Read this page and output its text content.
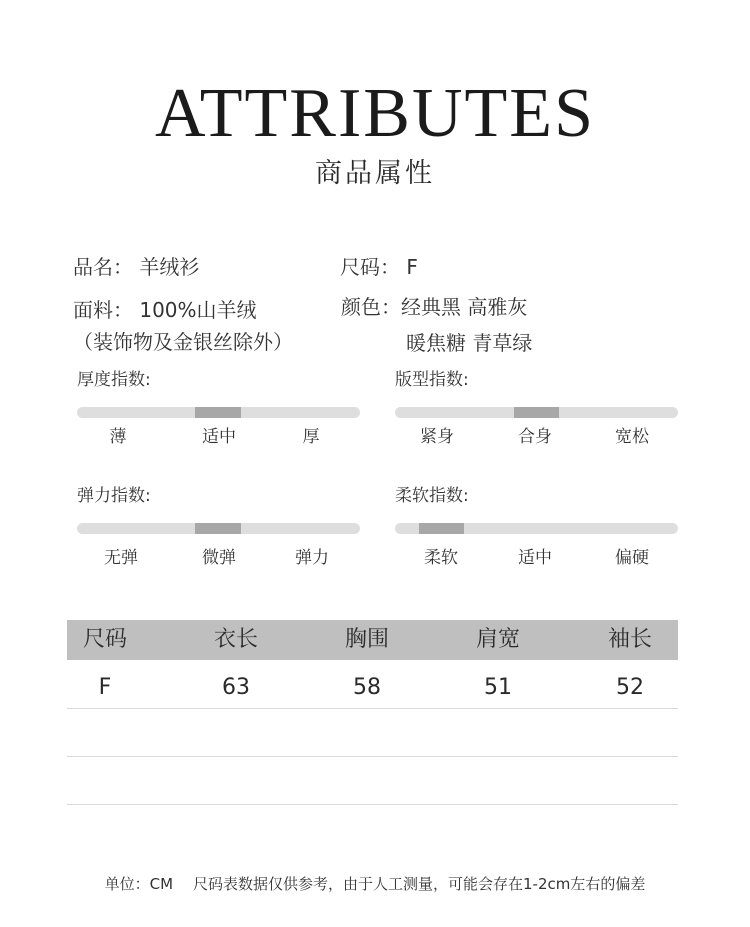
ATTRIBUTES
商品属性
品名： 羊绒衫	尺码： F
面料： 100%山羊绒	颜色：经典黑 高雅灰
（装饰物及金银丝除外）	暖焦糖 青草绿
厚度指数:
薄	适中	厚
版型指数:
紧身	合身	宽松
弹力指数:
无弹	微弹	弹力
柔软指数:
柔软	适中	偏硬
尺码	衣长	胸围	肩宽	袖长
F	63	58	51	52
单位：CM 尺码表数据仅供参考，由于人工测量，可能会存在1-2cm左右的偏差
